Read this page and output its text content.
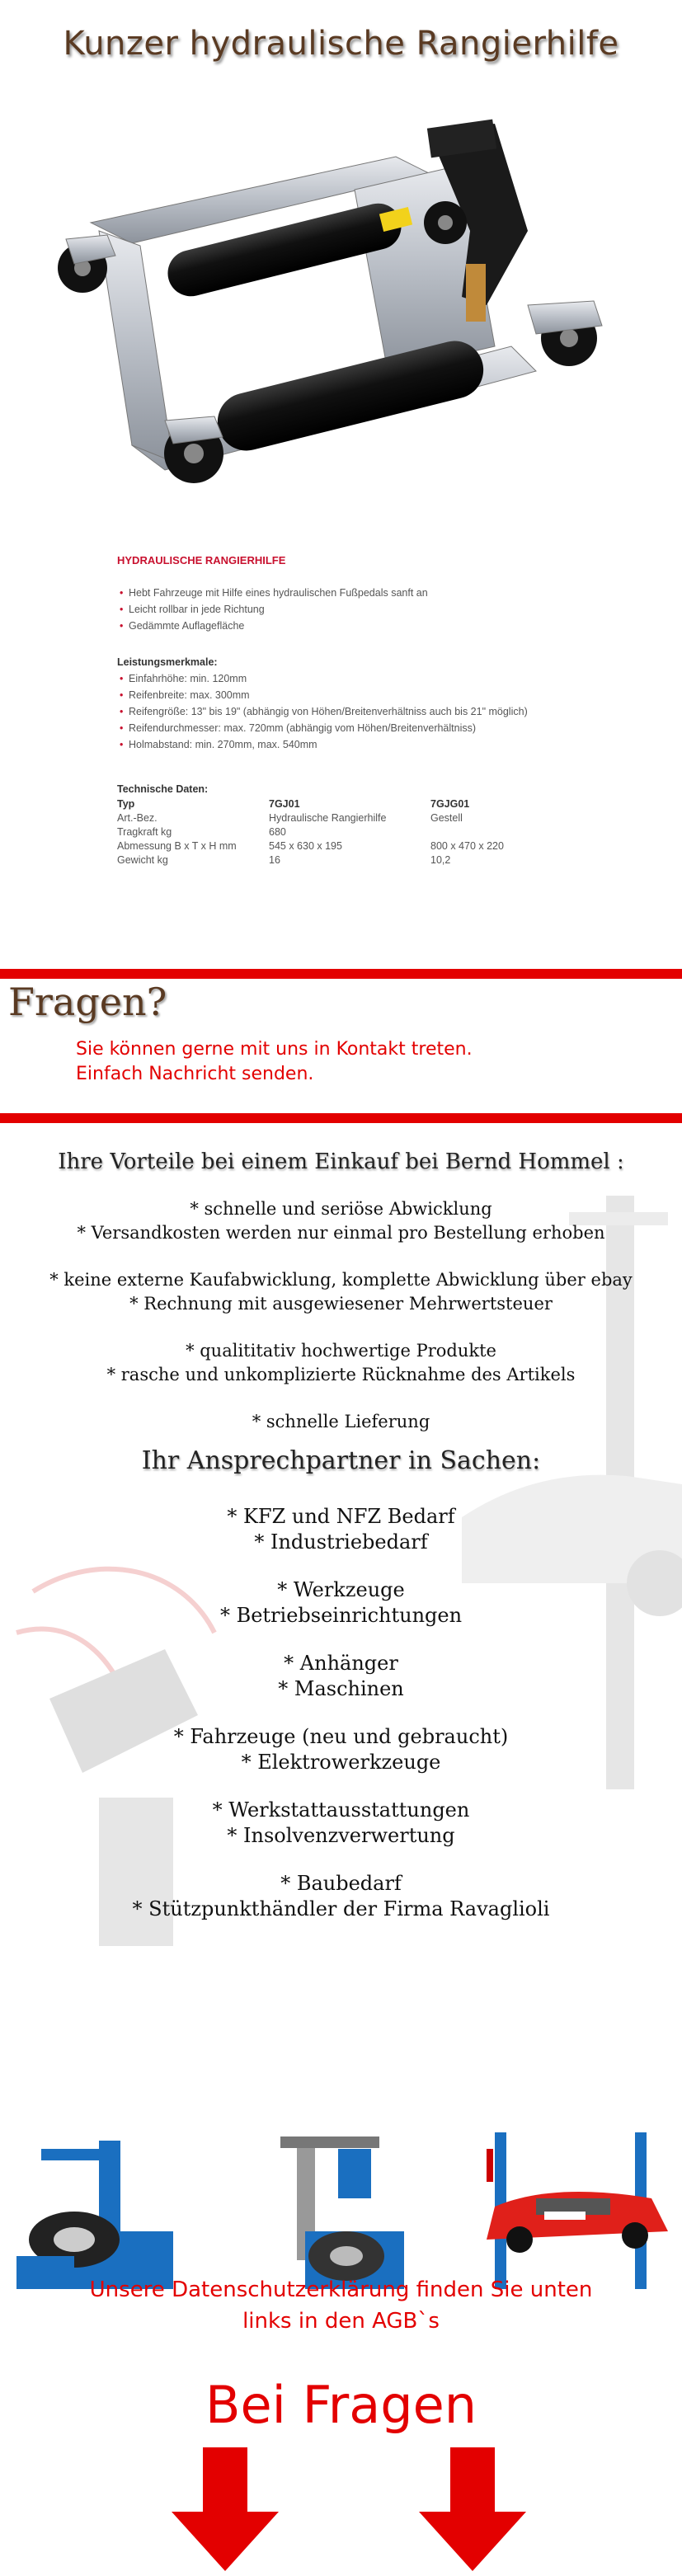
Kunzer hydraulische Rangierhilfe
HYDRAULISCHE RANGIERHILFE
• Hebt Fahrzeuge mit Hilfe eines hydraulischen Fußpedals sanft an
• Leicht rollbar in jede Richtung
• Gedämmte Auflagefläche
Leistungsmerkmale:
• Einfahrhöhe: min. 120mm
• Reifenbreite: max. 300mm
• Reifengröße: 13" bis 19" (abhängig von Höhen/Breitenverhältniss auch bis 21" möglich)
• Reifendurchmesser: max. 720mm (abhängig vom Höhen/Breitenverhältniss)
• Holmabstand: min. 270mm, max. 540mm
Technische Daten:
Typ	7GJ01	7GJG01
Art.-Bez.	Hydraulische Rangierhilfe	Gestell
Tragkraft kg	680	
Abmessung B x T x H mm	545 x 630 x 195	800 x 470 x 220
Gewicht kg	16	10,2
Fragen?
Sie können gerne mit uns in Kontakt treten.
Einfach Nachricht senden.
Ihre Vorteile bei einem Einkauf bei Bernd Hommel :
* schnelle und seriöse Abwicklung
* Versandkosten werden nur einmal pro Bestellung erhoben
* keine externe Kaufabwicklung, komplette Abwicklung über ebay
* Rechnung mit ausgewiesener Mehrwertsteuer
* qualititativ hochwertige Produkte
* rasche und unkomplizierte Rücknahme des Artikels
* schnelle Lieferung
Ihr Ansprechpartner in Sachen:
* KFZ und NFZ Bedarf
* Industriebedarf
* Werkzeuge
* Betriebseinrichtungen
* Anhänger
* Maschinen
* Fahrzeuge (neu und gebraucht)
* Elektrowerkzeuge
* Werkstattausstattungen
* Insolvenzverwertung
* Baubedarf
* Stützpunkthändler der Firma Ravaglioli
Unsere Datenschutzerklärung finden Sie unten
links in den AGB`s
Bei Fragen
